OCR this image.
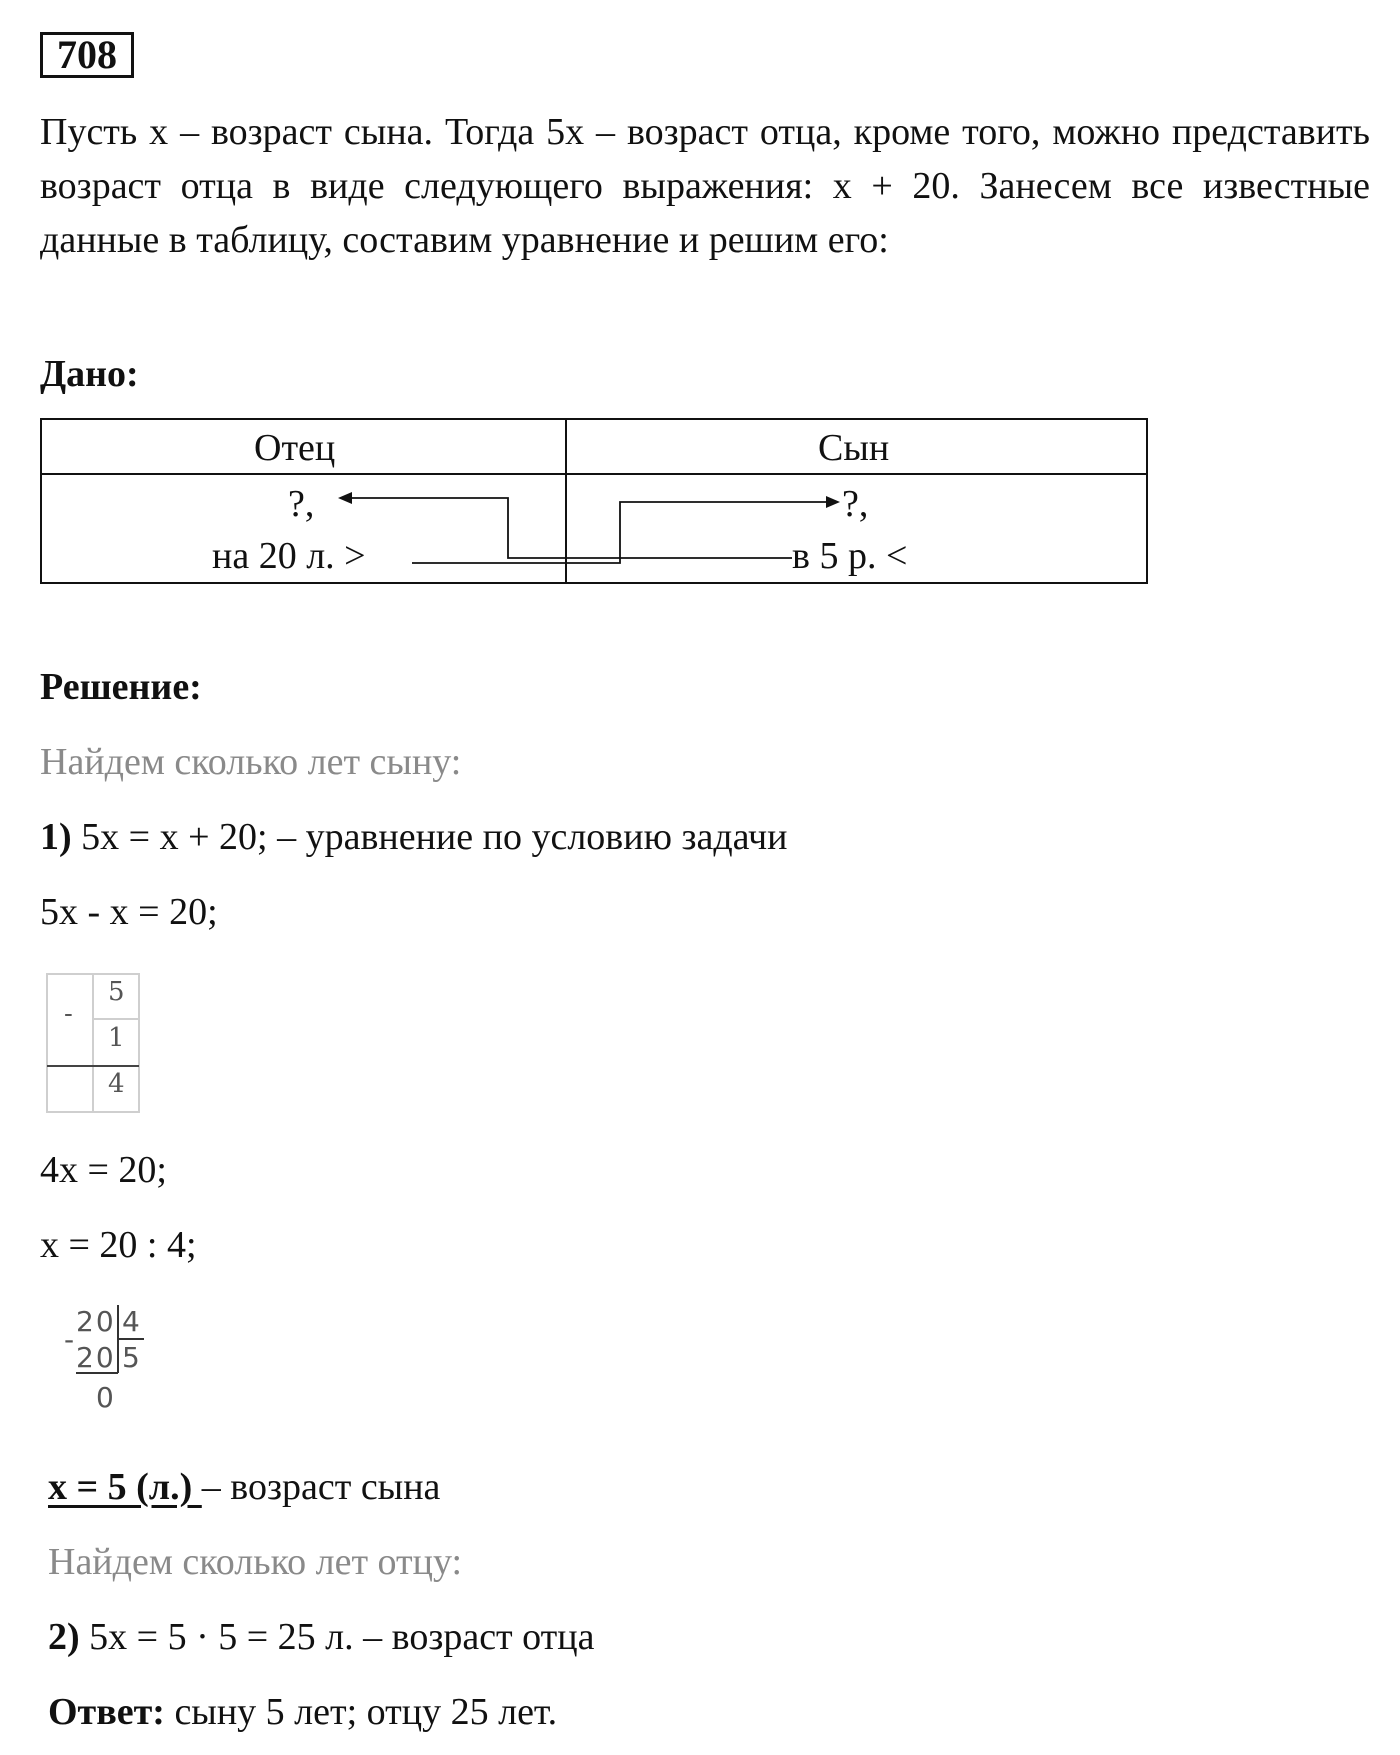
708
Пусть х – возраст сына. Тогда 5х – возраст отца, кроме того, можно представить возраст отца в виде следующего выражения: х + 20. Занесем все известные данные в таблицу, составим уравнение и решим его:
Дано:
Отец	Сын
?,
на 20 л. >
?,
в 5 р. <
Решение:
Найдем сколько лет сыну:
1) 5х = х + 20; – уравнение по условию задачи
5х - х = 20;
-
5
1
4
4х = 20;
х = 20 : 4;
-
20 4
20 5
0
х = 5 (л.) – возраст сына
Найдем сколько лет отцу:
2) 5х = 5 · 5 = 25 л. – возраст отца
Ответ: сыну 5 лет; отцу 25 лет.
